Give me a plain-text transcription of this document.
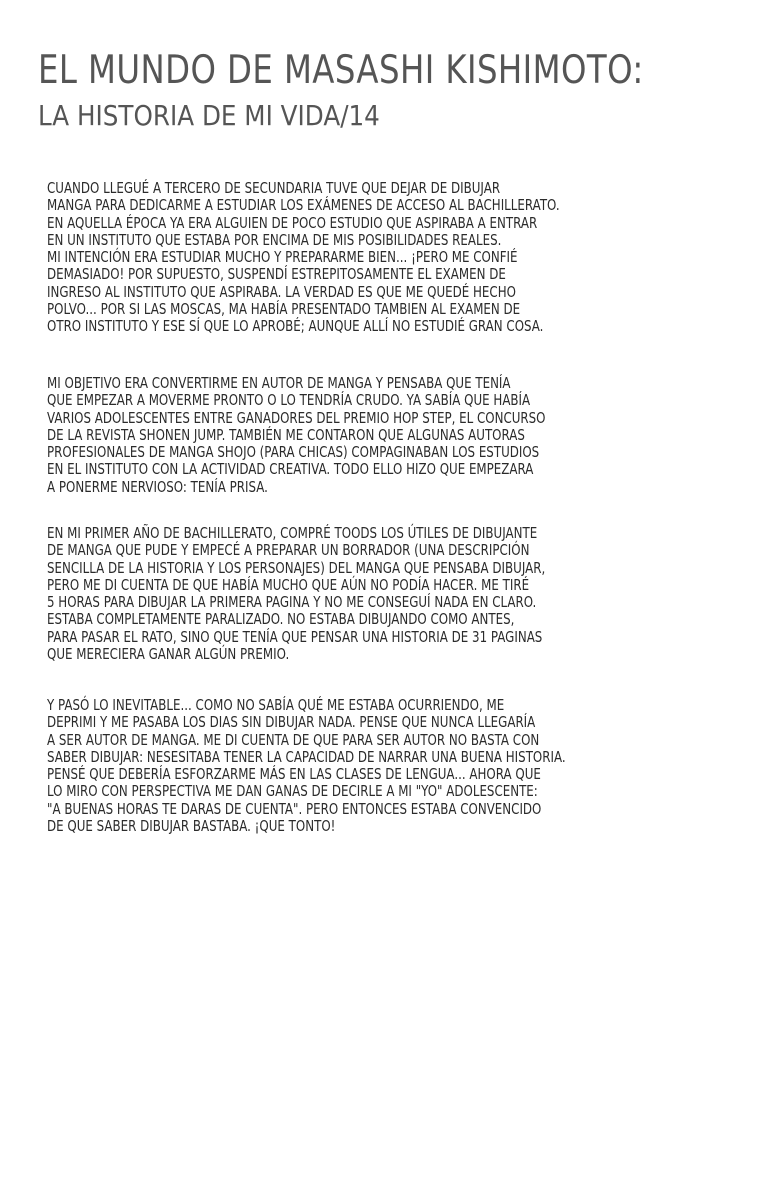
EL MUNDO DE MASASHI KISHIMOTO:
LA HISTORIA DE MI VIDA/14
CUANDO LLEGUÉ A TERCERO DE SECUNDARIA TUVE QUE DEJAR DE DIBUJAR
MANGA PARA DEDICARME A ESTUDIAR LOS EXÁMENES DE ACCESO AL BACHILLERATO.
EN AQUELLA ÉPOCA YA ERA ALGUIEN DE POCO ESTUDIO QUE ASPIRABA A ENTRAR
EN UN INSTITUTO QUE ESTABA POR ENCIMA DE MIS POSIBILIDADES REALES.
MI INTENCIÓN ERA ESTUDIAR MUCHO Y PREPARARME BIEN... ¡PERO ME CONFIÉ
DEMASIADO! POR SUPUESTO, SUSPENDÍ ESTREPITOSAMENTE EL EXAMEN DE
INGRESO AL INSTITUTO QUE ASPIRABA. LA VERDAD ES QUE ME QUEDÉ HECHO
POLVO... POR SI LAS MOSCAS, MA HABÍA PRESENTADO TAMBIEN AL EXAMEN DE
OTRO INSTITUTO Y ESE SÍ QUE LO APROBÉ; AUNQUE ALLÍ NO ESTUDIÉ GRAN COSA.
MI OBJETIVO ERA CONVERTIRME EN AUTOR DE MANGA Y PENSABA QUE TENÍA
QUE EMPEZAR A MOVERME PRONTO O LO TENDRÍA CRUDO. YA SABÍA QUE HABÍA
VARIOS ADOLESCENTES ENTRE GANADORES DEL PREMIO HOP STEP, EL CONCURSO
DE LA REVISTA SHONEN JUMP. TAMBIÉN ME CONTARON QUE ALGUNAS AUTORAS
PROFESIONALES DE MANGA SHOJO (PARA CHICAS) COMPAGINABAN LOS ESTUDIOS
EN EL INSTITUTO CON LA ACTIVIDAD CREATIVA. TODO ELLO HIZO QUE EMPEZARA
A PONERME NERVIOSO: TENÍA PRISA.
EN MI PRIMER AÑO DE BACHILLERATO, COMPRÉ TOODS LOS ÚTILES DE DIBUJANTE
DE MANGA QUE PUDE Y EMPECÉ A PREPARAR UN BORRADOR (UNA DESCRIPCIÓN
SENCILLA DE LA HISTORIA Y LOS PERSONAJES) DEL MANGA QUE PENSABA DIBUJAR,
PERO ME DI CUENTA DE QUE HABÍA MUCHO QUE AÚN NO PODÍA HACER. ME TIRÉ
5 HORAS PARA DIBUJAR LA PRIMERA PAGINA Y NO ME CONSEGUÍ NADA EN CLARO.
ESTABA COMPLETAMENTE PARALIZADO. NO ESTABA DIBUJANDO COMO ANTES,
PARA PASAR EL RATO, SINO QUE TENÍA QUE PENSAR UNA HISTORIA DE 31 PAGINAS
QUE MERECIERA GANAR ALGÚN PREMIO.
Y PASÓ LO INEVITABLE... COMO NO SABÍA QUÉ ME ESTABA OCURRIENDO, ME
DEPRIMI Y ME PASABA LOS DIAS SIN DIBUJAR NADA. PENSE QUE NUNCA LLEGARÍA
A SER AUTOR DE MANGA. ME DI CUENTA DE QUE PARA SER AUTOR NO BASTA CON
SABER DIBUJAR: NESESITABA TENER LA CAPACIDAD DE NARRAR UNA BUENA HISTORIA.
PENSÉ QUE DEBERÍA ESFORZARME MÁS EN LAS CLASES DE LENGUA... AHORA QUE
LO MIRO CON PERSPECTIVA ME DAN GANAS DE DECIRLE A MI "YO" ADOLESCENTE:
"A BUENAS HORAS TE DARAS DE CUENTA". PERO ENTONCES ESTABA CONVENCIDO
DE QUE SABER DIBUJAR BASTABA. ¡QUE TONTO!
